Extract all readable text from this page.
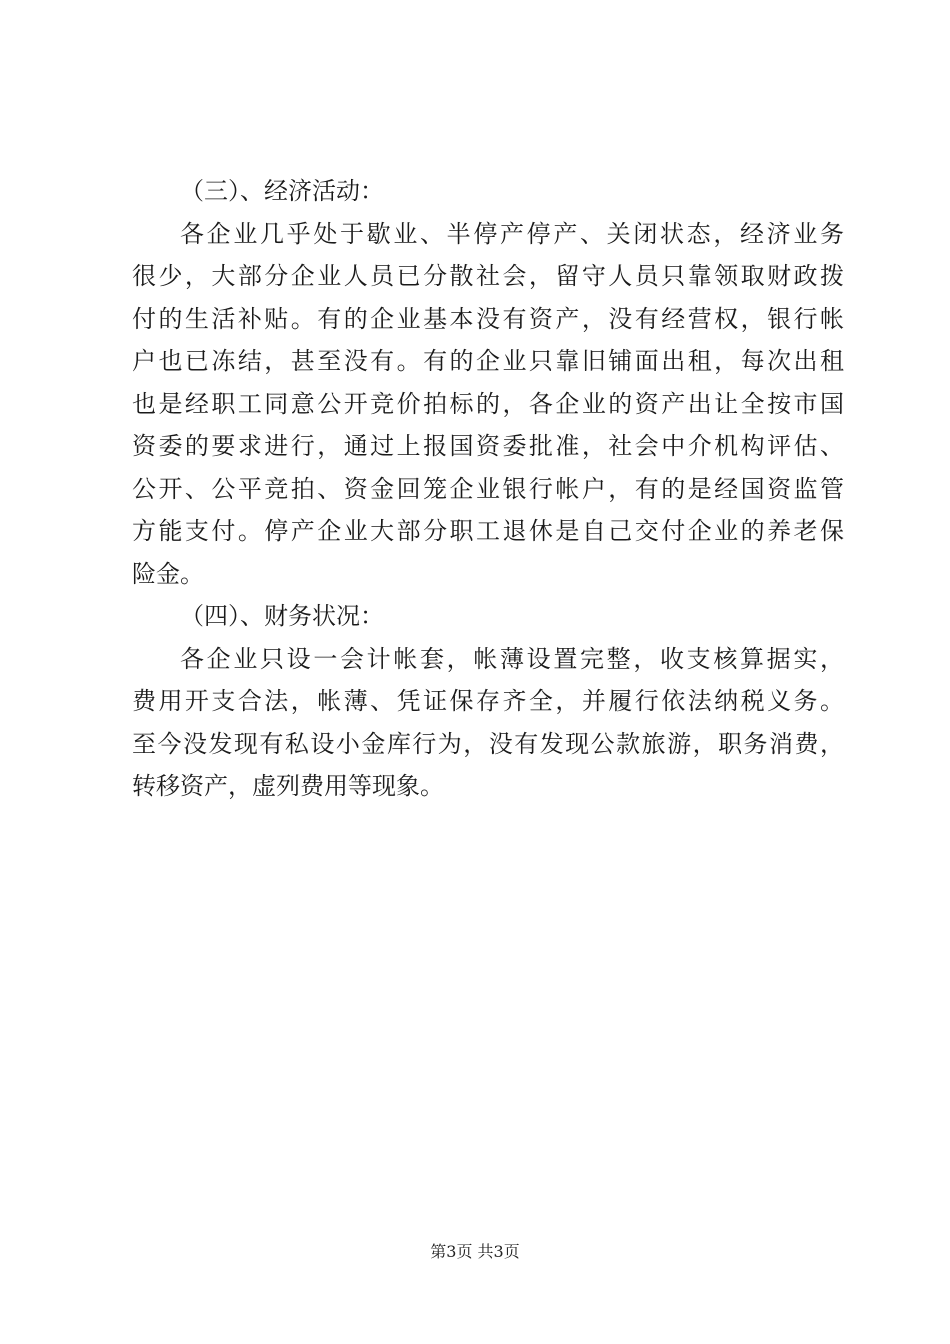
（三）、经济活动：
各企业几乎处于歇业、半停产停产、关闭状态，经济业务
很少，大部分企业人员已分散社会，留守人员只靠领取财政拨
付的生活补贴。有的企业基本没有资产，没有经营权，银行帐
户也已冻结，甚至没有。有的企业只靠旧铺面出租，每次出租
也是经职工同意公开竞价拍标的，各企业的资产出让全按市国
资委的要求进行，通过上报国资委批准，社会中介机构评估、
公开、公平竞拍、资金回笼企业银行帐户，有的是经国资监管
方能支付。停产企业大部分职工退休是自己交付企业的养老保
险金。
（四）、财务状况：
各企业只设一会计帐套，帐薄设置完整，收支核算据实，
费用开支合法，帐薄、凭证保存齐全，并履行依法纳税义务。
至今没发现有私设小金库行为，没有发现公款旅游，职务消费，
转移资产，虚列费用等现象。
第3页 共3页
